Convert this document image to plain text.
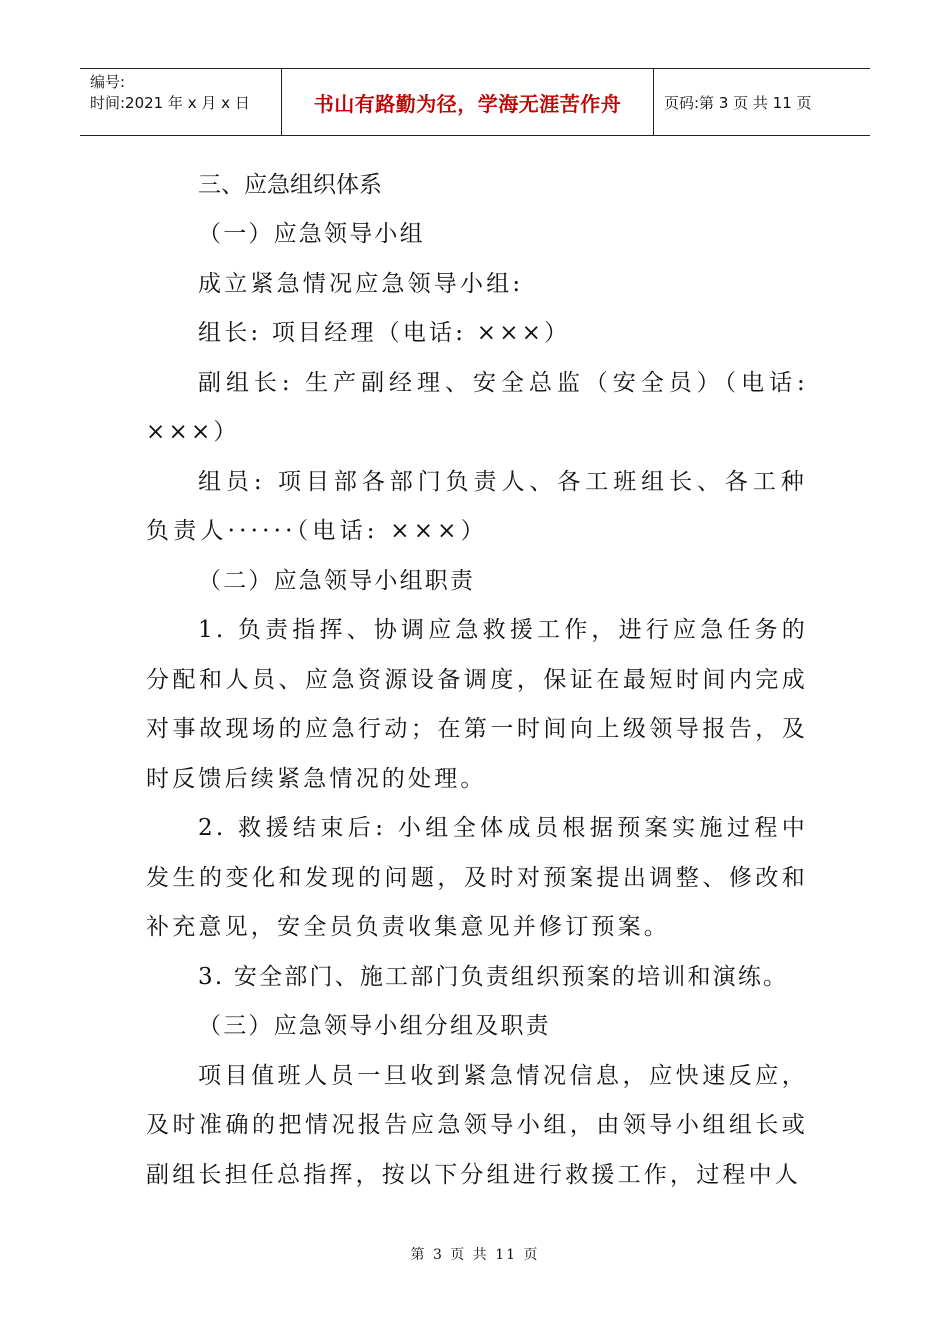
编号:
时间:2021 年 x 月 x 日	书山有路勤为径，学海无涯苦作舟	页码:第 3 页 共 11 页
三、应急组织体系

（一）应急领导小组

成立紧急情况应急领导小组:

组长: 项目经理（电话: ×××）

副组长: 生产副经理、安全总监（安全员）（电话: ×××）

组员: 项目部各部门负责人、各工班组长、各工种负责人······（电话: ×××）

（二）应急领导小组职责

1. 负责指挥、协调应急救援工作，进行应急任务的分配和人员、应急资源设备调度，保证在最短时间内完成对事故现场的应急行动；在第一时间向上级领导报告，及时反馈后续紧急情况的处理。

2. 救援结束后: 小组全体成员根据预案实施过程中发生的变化和发现的问题，及时对预案提出调整、修改和补充意见，安全员负责收集意见并修订预案。

3. 安全部门、施工部门负责组织预案的培训和演练。

（三）应急领导小组分组及职责

项目值班人员一旦收到紧急情况信息，应快速反应，及时准确的把情况报告应急领导小组，由领导小组组长或副组长担任总指挥，按以下分组进行救援工作，过程中人

第 3 页 共 11 页
